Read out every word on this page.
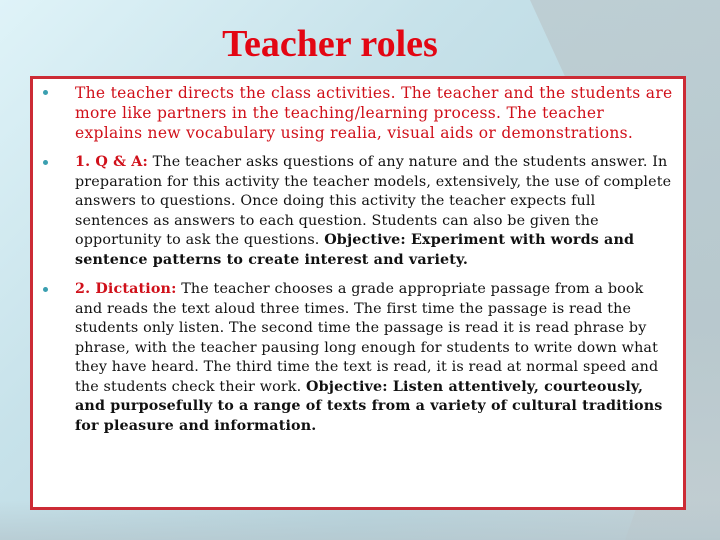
Teacher roles
The teacher directs the class activities. The teacher and the students are more like partners in the teaching/learning process. The teacher explains new vocabulary using realia, visual aids or demonstrations.
1. Q & A: The teacher asks questions of any nature and the students answer. In preparation for this activity the teacher models, extensively, the use of complete answers to questions. Once doing this activity the teacher expects full sentences as answers to each question. Students can also be given the opportunity to ask the questions. Objective: Experiment with words and sentence patterns to create interest and variety.
2. Dictation: The teacher chooses a grade appropriate passage from a book and reads the text aloud three times. The first time the passage is read the students only listen. The second time the passage is read it is read phrase by phrase, with the teacher pausing long enough for students to write down what they have heard. The third time the text is read, it is read at normal speed and the students check their work. Objective: Listen attentively, courteously, and purposefully to a range of texts from a variety of cultural traditions for pleasure and information.
